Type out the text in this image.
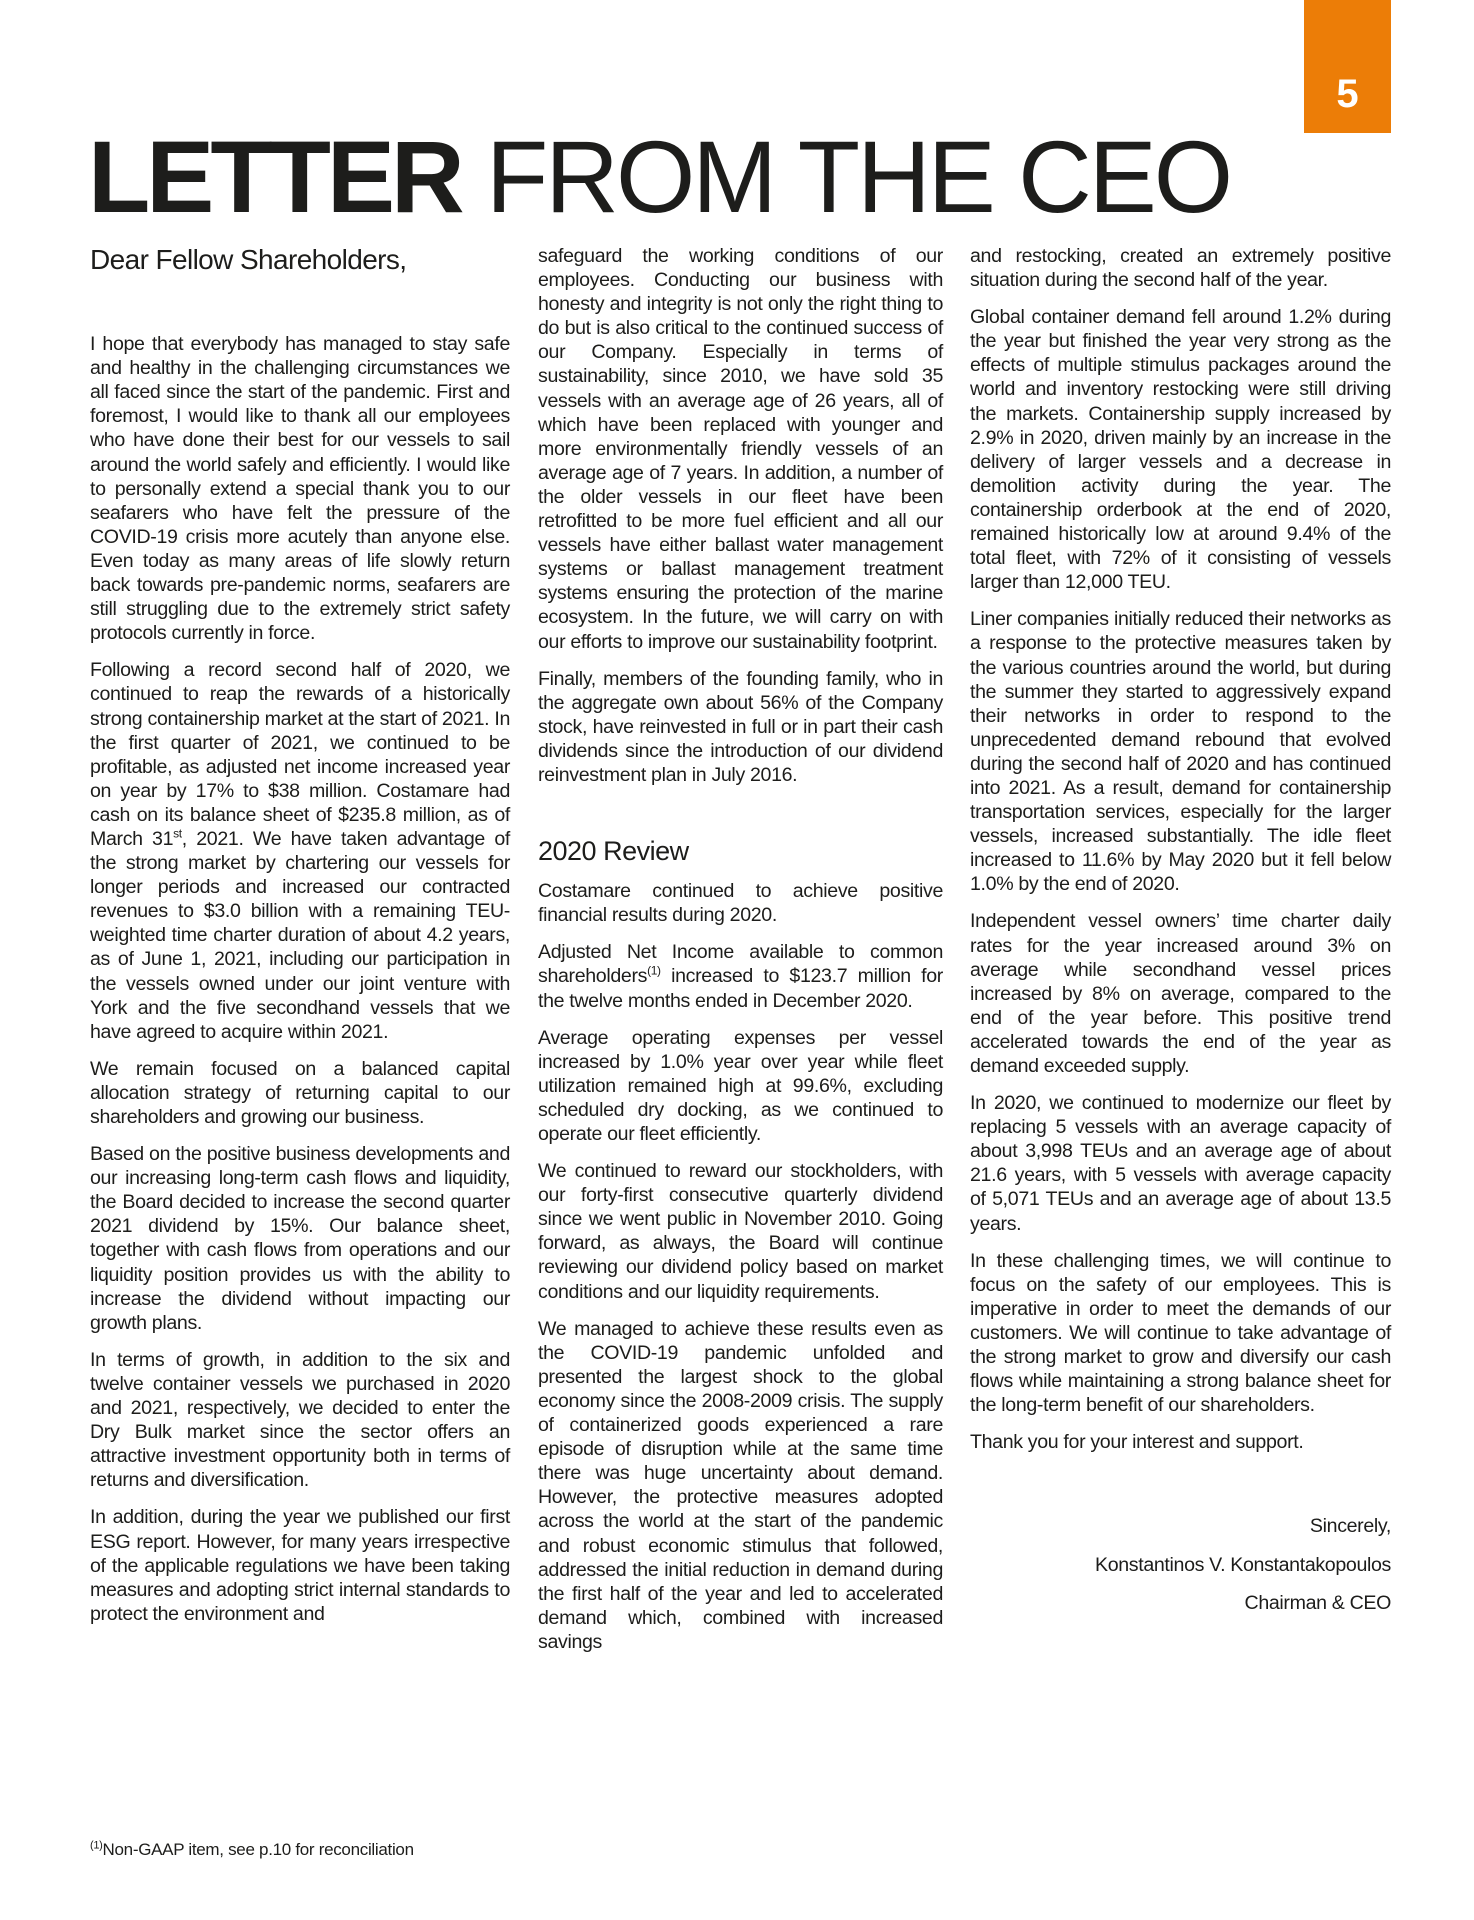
5
LETTER FROM THE CEO

Dear Fellow Shareholders,

I hope that everybody has managed to stay safe and healthy in the challenging circumstances we all faced since the start of the pandemic. First and foremost, I would like to thank all our employees who have done their best for our vessels to sail around the world safely and efficiently. I would like to personally extend a special thank you to our seafarers who have felt the pressure of the COVID-19 crisis more acutely than anyone else. Even today as many areas of life slowly return back towards pre-pandemic norms, seafarers are still struggling due to the extremely strict safety protocols currently in force.

Following a record second half of 2020, we continued to reap the rewards of a historically strong containership market at the start of 2021. In the first quarter of 2021, we continued to be profitable, as adjusted net income increased year on year by 17% to $38 million. Costamare had cash on its balance sheet of $235.8 million, as of March 31st, 2021. We have taken advantage of the strong market by chartering our vessels for longer periods and increased our contracted revenues to $3.0 billion with a remaining TEU-weighted time charter duration of about 4.2 years, as of June 1, 2021, including our participation in the vessels owned under our joint venture with York and the five secondhand vessels that we have agreed to acquire within 2021.

We remain focused on a balanced capital allocation strategy of returning capital to our shareholders and growing our business.

Based on the positive business developments and our increasing long-term cash flows and liquidity, the Board decided to increase the second quarter 2021 dividend by 15%. Our balance sheet, together with cash flows from operations and our liquidity position provides us with the ability to increase the dividend without impacting our growth plans.

In terms of growth, in addition to the six and twelve container vessels we purchased in 2020 and 2021, respectively, we decided to enter the Dry Bulk market since the sector offers an attractive investment opportunity both in terms of returns and diversification.

In addition, during the year we published our first ESG report. However, for many years irrespective of the applicable regulations we have been taking measures and adopting strict internal standards to protect the environment and

safeguard the working conditions of our employees. Conducting our business with honesty and integrity is not only the right thing to do but is also critical to the continued success of our Company. Especially in terms of sustainability, since 2010, we have sold 35 vessels with an average age of 26 years, all of which have been replaced with younger and more environmentally friendly vessels of an average age of 7 years. In addition, a number of the older vessels in our fleet have been retrofitted to be more fuel efficient and all our vessels have either ballast water management systems or ballast management treatment systems ensuring the protection of the marine ecosystem. In the future, we will carry on with our efforts to improve our sustainability footprint.

Finally, members of the founding family, who in the aggregate own about 56% of the Company stock, have reinvested in full or in part their cash dividends since the introduction of our dividend reinvestment plan in July 2016.

2020 Review

Costamare continued to achieve positive financial results during 2020.

Adjusted Net Income available to common shareholders$^{(1)}$ increased to $123.7 million for the twelve months ended in December 2020.

Average operating expenses per vessel increased by 1.0% year over year while fleet utilization remained high at 99.6%, excluding scheduled dry docking, as we continued to operate our fleet efficiently.

We continued to reward our stockholders, with our forty-first consecutive quarterly dividend since we went public in November 2010. Going forward, as always, the Board will continue reviewing our dividend policy based on market conditions and our liquidity requirements.

We managed to achieve these results even as the COVID-19 pandemic unfolded and presented the largest shock to the global economy since the 2008-2009 crisis. The supply of containerized goods experienced a rare episode of disruption while at the same time there was huge uncertainty about demand. However, the protective measures adopted across the world at the start of the pandemic and robust economic stimulus that followed, addressed the initial reduction in demand during the first half of the year and led to accelerated demand which, combined with increased savings

and restocking, created an extremely positive situation during the second half of the year.

Global container demand fell around 1.2% during the year but finished the year very strong as the effects of multiple stimulus packages around the world and inventory restocking were still driving the markets. Containership supply increased by 2.9% in 2020, driven mainly by an increase in the delivery of larger vessels and a decrease in demolition activity during the year. The containership orderbook at the end of 2020, remained historically low at around 9.4% of the total fleet, with 72% of it consisting of vessels larger than 12,000 TEU.

Liner companies initially reduced their networks as a response to the protective measures taken by the various countries around the world, but during the summer they started to aggressively expand their networks in order to respond to the unprecedented demand rebound that evolved during the second half of 2020 and has continued into 2021. As a result, demand for containership transportation services, especially for the larger vessels, increased substantially. The idle fleet increased to 11.6% by May 2020 but it fell below 1.0% by the end of 2020.

Independent vessel owners’ time charter daily rates for the year increased around 3% on average while secondhand vessel prices increased by 8% on average, compared to the end of the year before. This positive trend accelerated towards the end of the year as demand exceeded supply.

In 2020, we continued to modernize our fleet by replacing 5 vessels with an average capacity of about 3,998 TEUs and an average age of about 21.6 years, with 5 vessels with average capacity of 5,071 TEUs and an average age of about 13.5 years.

In these challenging times, we will continue to focus on the safety of our employees. This is imperative in order to meet the demands of our customers. We will continue to take advantage of the strong market to grow and diversify our cash flows while maintaining a strong balance sheet for the long-term benefit of our shareholders.

Thank you for your interest and support.

Sincerely,

Konstantinos V. Konstantakopoulos

Chairman & CEO

$^{(1)}$Non-GAAP item, see p.10 for reconciliation
